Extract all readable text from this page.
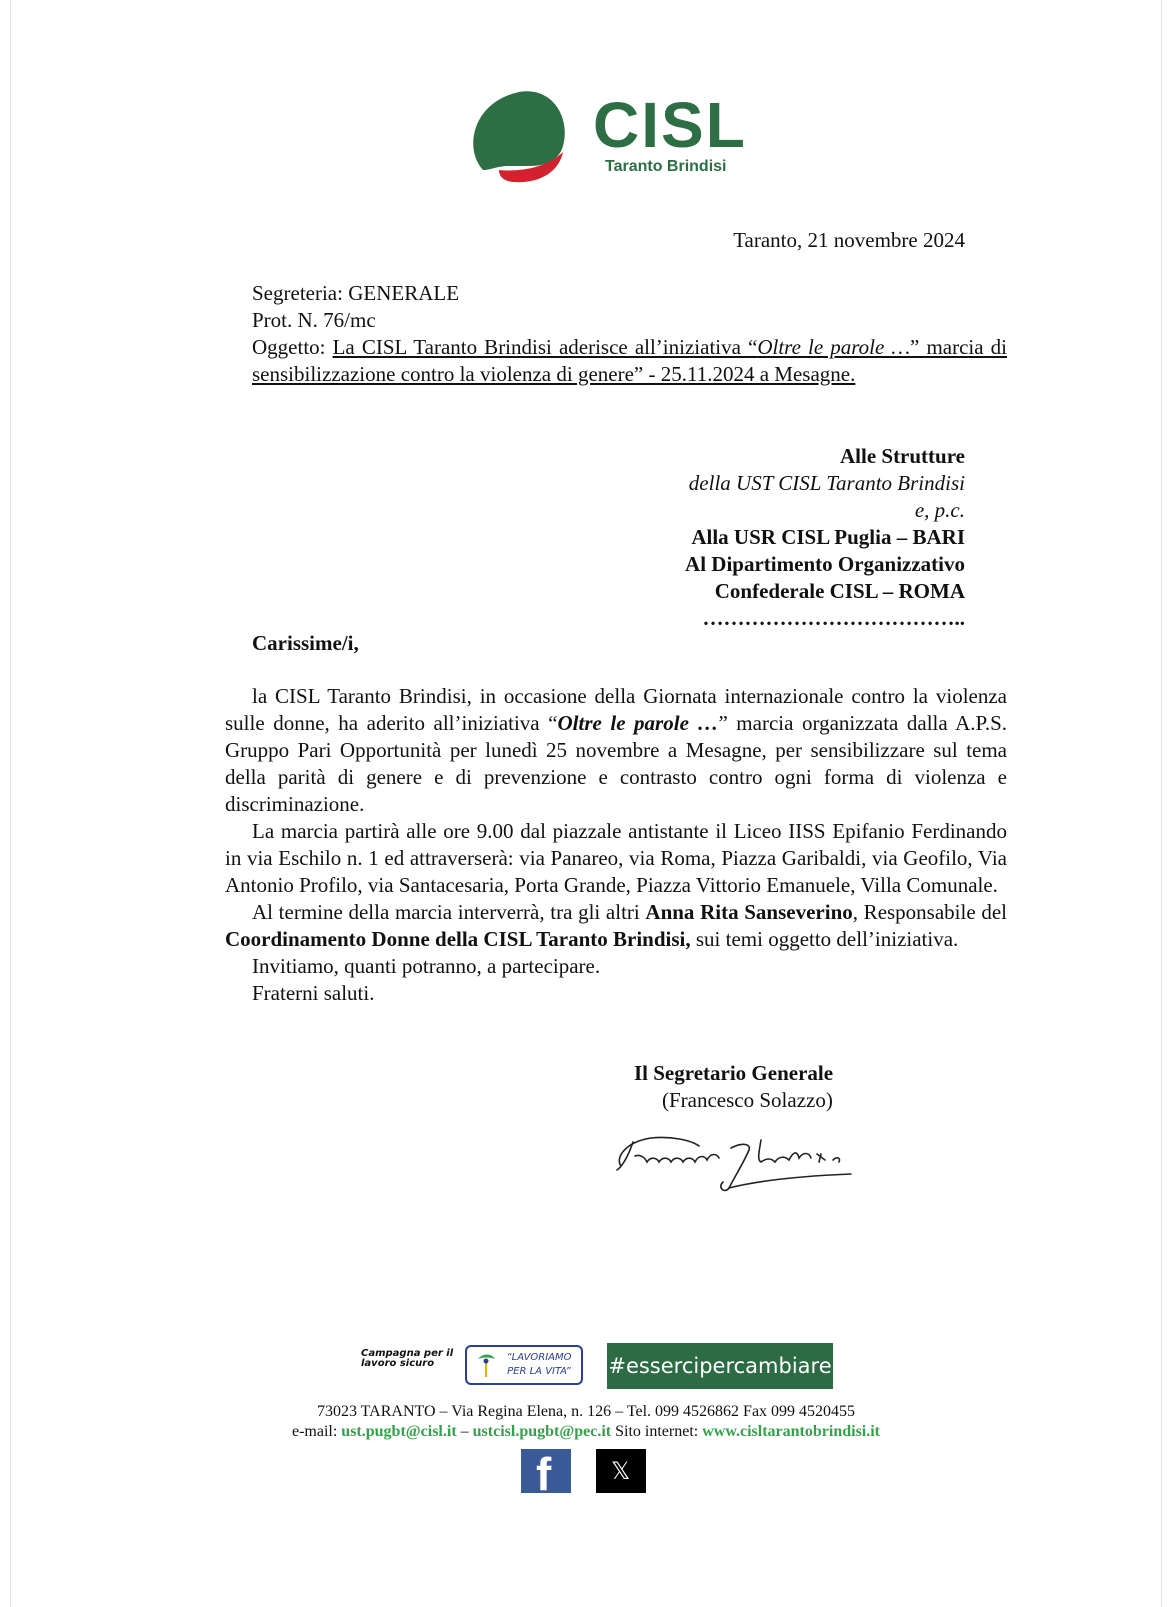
CISL
Taranto Brindisi
Taranto, 21 novembre 2024
Segreteria: GENERALE
Prot. N. 76/mc
Oggetto: La CISL Taranto Brindisi aderisce all’iniziativa “Oltre le parole …” marcia di sensibilizzazione contro la violenza di genere” - 25.11.2024 a Mesagne.
Alle Strutture
della UST CISL Taranto Brindisi
e, p.c.
Alla USR CISL Puglia – BARI
Al Dipartimento Organizzativo
Confederale CISL – ROMA
………………………………..
Carissime/i,

la CISL Taranto Brindisi, in occasione della Giornata internazionale contro la violenza sulle donne, ha aderito all’iniziativa “Oltre le parole …” marcia organizzata dalla A.P.S. Gruppo Pari Opportunità per lunedì 25 novembre a Mesagne, per sensibilizzare sul tema della parità di genere e di prevenzione e contrasto contro ogni forma di violenza e discriminazione.

La marcia partirà alle ore 9.00 dal piazzale antistante il Liceo IISS Epifanio Ferdinando in via Eschilo n. 1 ed attraverserà: via Panareo, via Roma, Piazza Garibaldi, via Geofilo, Via Antonio Profilo, via Santacesaria, Porta Grande, Piazza Vittorio Emanuele, Villa Comunale.

Al termine della marcia interverrà, tra gli altri Anna Rita Sanseverino, Responsabile del Coordinamento Donne della CISL Taranto Brindisi, sui temi oggetto dell’iniziativa.

Invitiamo, quanti potranno, a partecipare.

Fraterni saluti.

Il Segretario Generale
(Francesco Solazzo)
Campagna per il lavoro sicuro
“LAVORIAMO PER LA VITA”	#essercipercambiare
73023 TARANTO – Via Regina Elena, n. 126 – Tel. 099 4526862 Fax 099 4520455
e-mail: ust.pugbt@cisl.it – ustcisl.pugbt@pec.it Sito internet: www.cisltarantobrindisi.it
f 𝕏
